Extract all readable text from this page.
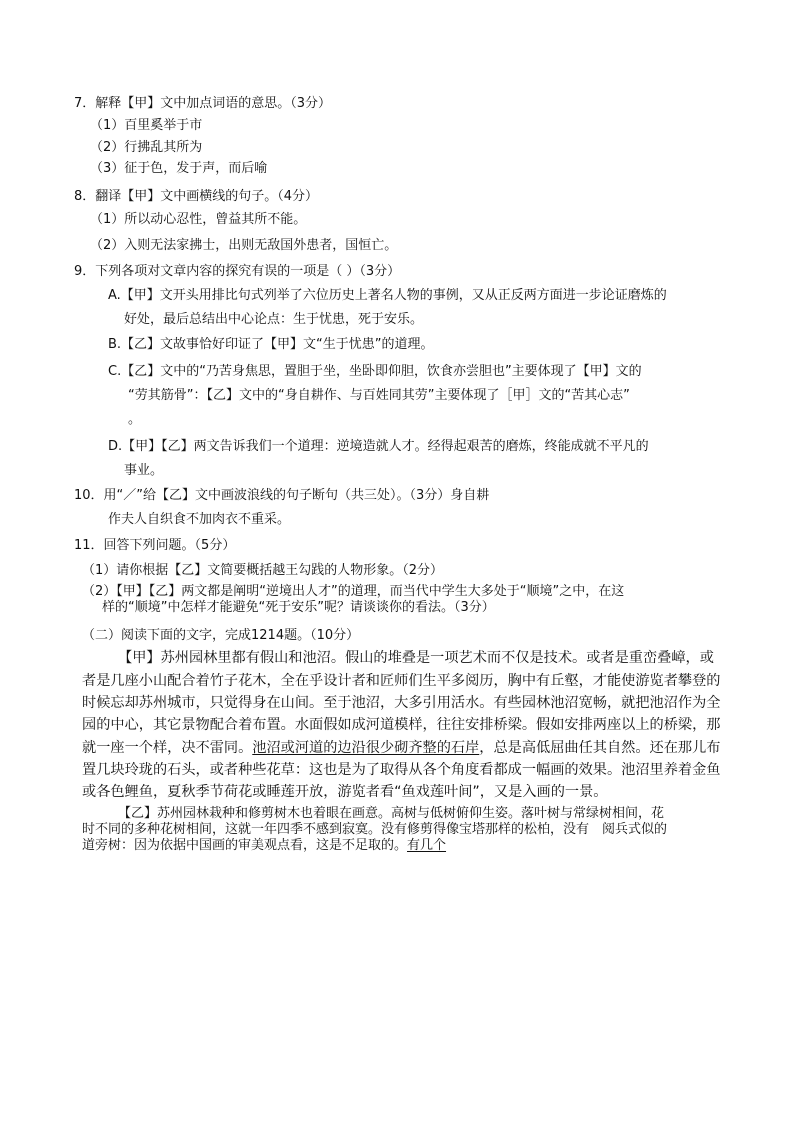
7．解释【甲】文中加点词语的意思。（3分）
（1）百里奚举于市
（2）行拂乱其所为
（3）征于色，发于声，而后喻
8．翻译【甲】文中画横线的句子。（4分）
（1）所以动心忍性，曾益其所不能。
（2）入则无法家拂士，出则无敌国外患者，国恒亡。
9．下列各项对文章内容的探究有误的一项是（ ）（3分）
A.【甲】文开头用排比句式列举了六位历史上著名人物的事例，又从正反两方面进一步论证磨炼的
好处，最后总结出中心论点：生于忧患，死于安乐。
B.【乙】文故事恰好印证了【甲】文“生于忧患”的道理。
C.【乙】文中的“乃苦身焦思，置胆于坐，坐卧即仰胆，饮食亦尝胆也”主要体现了【甲】文的
“劳其筋骨”：【乙】文中的“身自耕作、与百姓同其劳”主要体现了［甲］文的“苦其心志”
。
D.【甲】【乙】两文告诉我们一个道理：逆境造就人才。经得起艰苦的磨炼，终能成就不平凡的
事业。
10．用“／”给【乙】文中画波浪线的句子断句（共三处）。（3分）身自耕
作夫人自织食不加肉衣不重采。
11．回答下列问题。（5分）
（1）请你根据【乙】文简要概括越王勾践的人物形象。（2分）
（2）【甲】【乙】两文都是阐明“逆境出人才”的道理，而当代中学生大多处于“顺境”之中，在这
样的“顺境”中怎样才能避免“死于安乐”呢？请谈谈你的看法。（3分）
（二）阅读下面的文字，完成1214题。（10分）
【甲】苏州园林里都有假山和池沼。假山的堆叠是一项艺术而不仅是技术。或者是重峦叠嶂，或
者是几座小山配合着竹子花木，全在乎设计者和匠师们生平多阅历，胸中有丘壑，才能使游览者攀登的
时候忘却苏州城市，只觉得身在山间。至于池沼，大多引用活水。有些园林池沼宽畅，就把池沼作为全
园的中心，其它景物配合着布置。水面假如成河道模样，往往安排桥梁。假如安排两座以上的桥梁，那
就一座一个样，决不雷同。池沼或河道的边沿很少砌齐整的石岸，总是高低屈曲任其自然。还在那儿布
置几块玲珑的石头，或者种些花草：这也是为了取得从各个角度看都成一幅画的效果。池沼里养着金鱼
或各色鲤鱼，夏秋季节荷花或睡莲开放，游览者看“鱼戏莲叶间”，又是入画的一景。
【乙】苏州园林栽种和修剪树木也着眼在画意。高树与低树俯仰生姿。落叶树与常绿树相间，花
时不同的多种花树相间，这就一年四季不感到寂寞。没有修剪得像宝塔那样的松柏，没有　阅兵式似的
道旁树：因为依据中国画的审美观点看，这是不足取的。有几个
